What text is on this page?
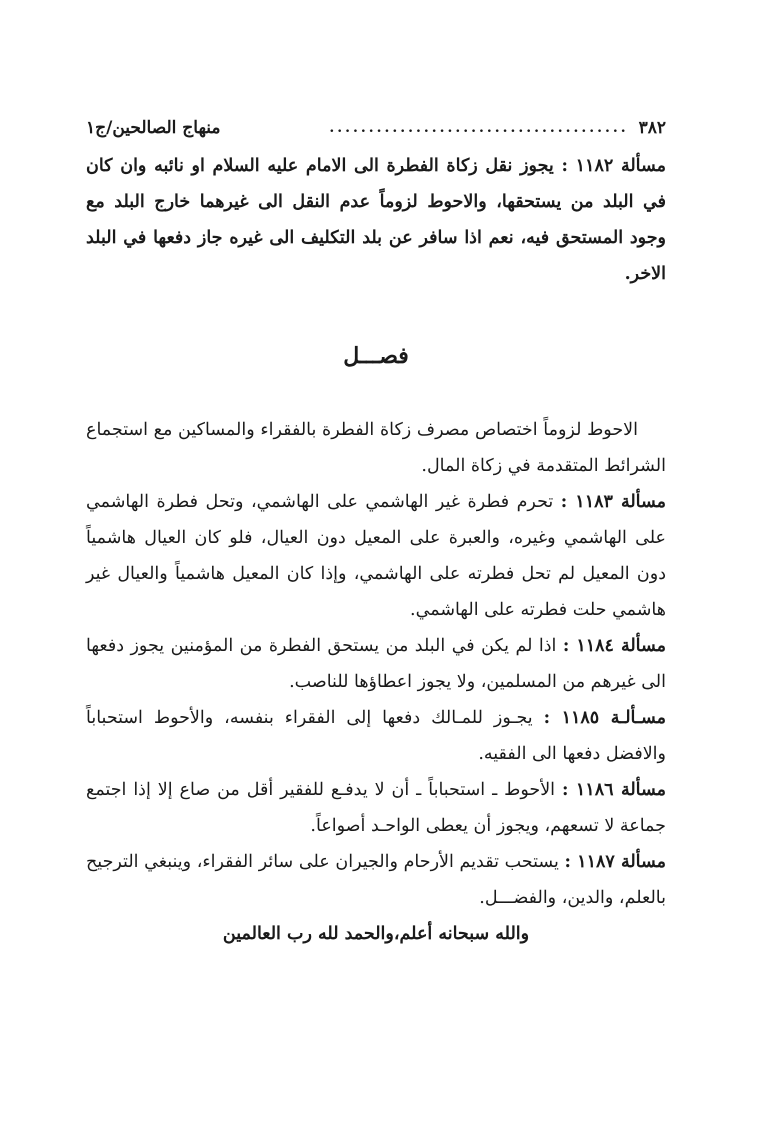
٣٨٢
......................................
منهاج الصالحين/ج١

مسألة ١١٨٢ : يجوز نقل زكاة الفطرة الى الامام عليه السلام او نائبه وان كان في البلد من يستحقها، والاحوط لزوماً عدم النقل الى غيرهما خارج البلد مع وجود المستحق فيه، نعم اذا سافر عن بلد التكليف الى غيره جاز دفعها في البلد الاخر.

فصـــل

الاحوط لزوماً اختصاص مصرف زكاة الفطرة بالفقراء والمساكين مع استجماع الشرائط المتقدمة في زكاة المال.

مسألة ١١٨٣ : تحرم فطرة غير الهاشمي على الهاشمي، وتحل فطرة الهاشمي على الهاشمي وغيره، والعبرة على المعيل دون العيال، فلو كان العيال هاشمياً دون المعيل لم تحل فطرته على الهاشمي، وإذا كان المعيل هاشمياً والعيال غير هاشمي حلت فطرته على الهاشمي.

مسألة ١١٨٤ : اذا لم يكن في البلد من يستحق الفطرة من المؤمنين يجوز دفعها الى غيرهم من المسلمين، ولا يجوز اعطاؤها للناصب.

مسـألـة ١١٨٥ : يجـوز للمـالك دفعها إلى الفقراء بنفسه، والأحوط استحباباً والافضل دفعها الى الفقيه.

مسألة ١١٨٦ : الأحوط ـ استحباباً ـ أن لا يدفـع للفقير أقل من صاع إلا إذا اجتمع جماعة لا تسعهم، ويجوز أن يعطى الواحـد أصواعاً.

مسألة ١١٨٧ : يستحب تقديم الأرحام والجيران على سائر الفقراء، وينبغي الترجيح بالعلم، والدين، والفضـــل.

والله سبحانه أعلم،والحمد لله رب العالمين
